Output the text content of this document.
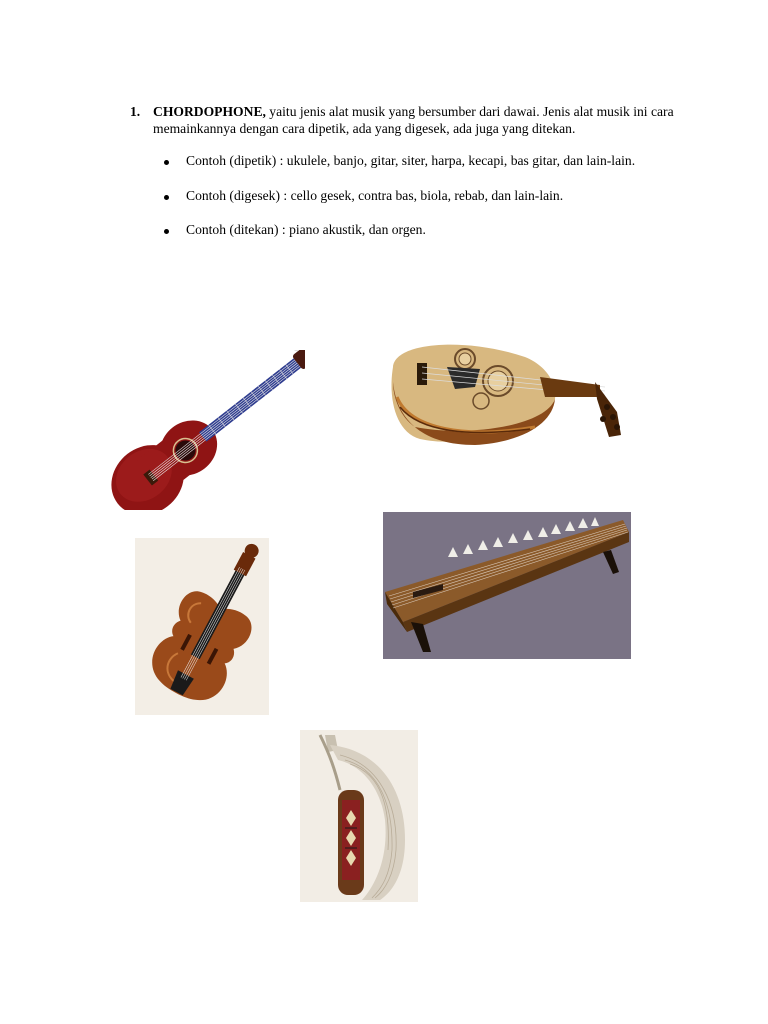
1. CHORDOPHONE, yaitu jenis alat musik yang bersumber dari dawai. Jenis alat musik ini cara memainkannya dengan cara dipetik, ada yang digesek, ada juga yang ditekan.
Contoh (dipetik) : ukulele, banjo, gitar, siter, harpa, kecapi, bas gitar, dan lain-lain.
Contoh (digesek) : cello gesek, contra bas, biola, rebab, dan lain-lain.
Contoh (ditekan) : piano akustik, dan orgen.
